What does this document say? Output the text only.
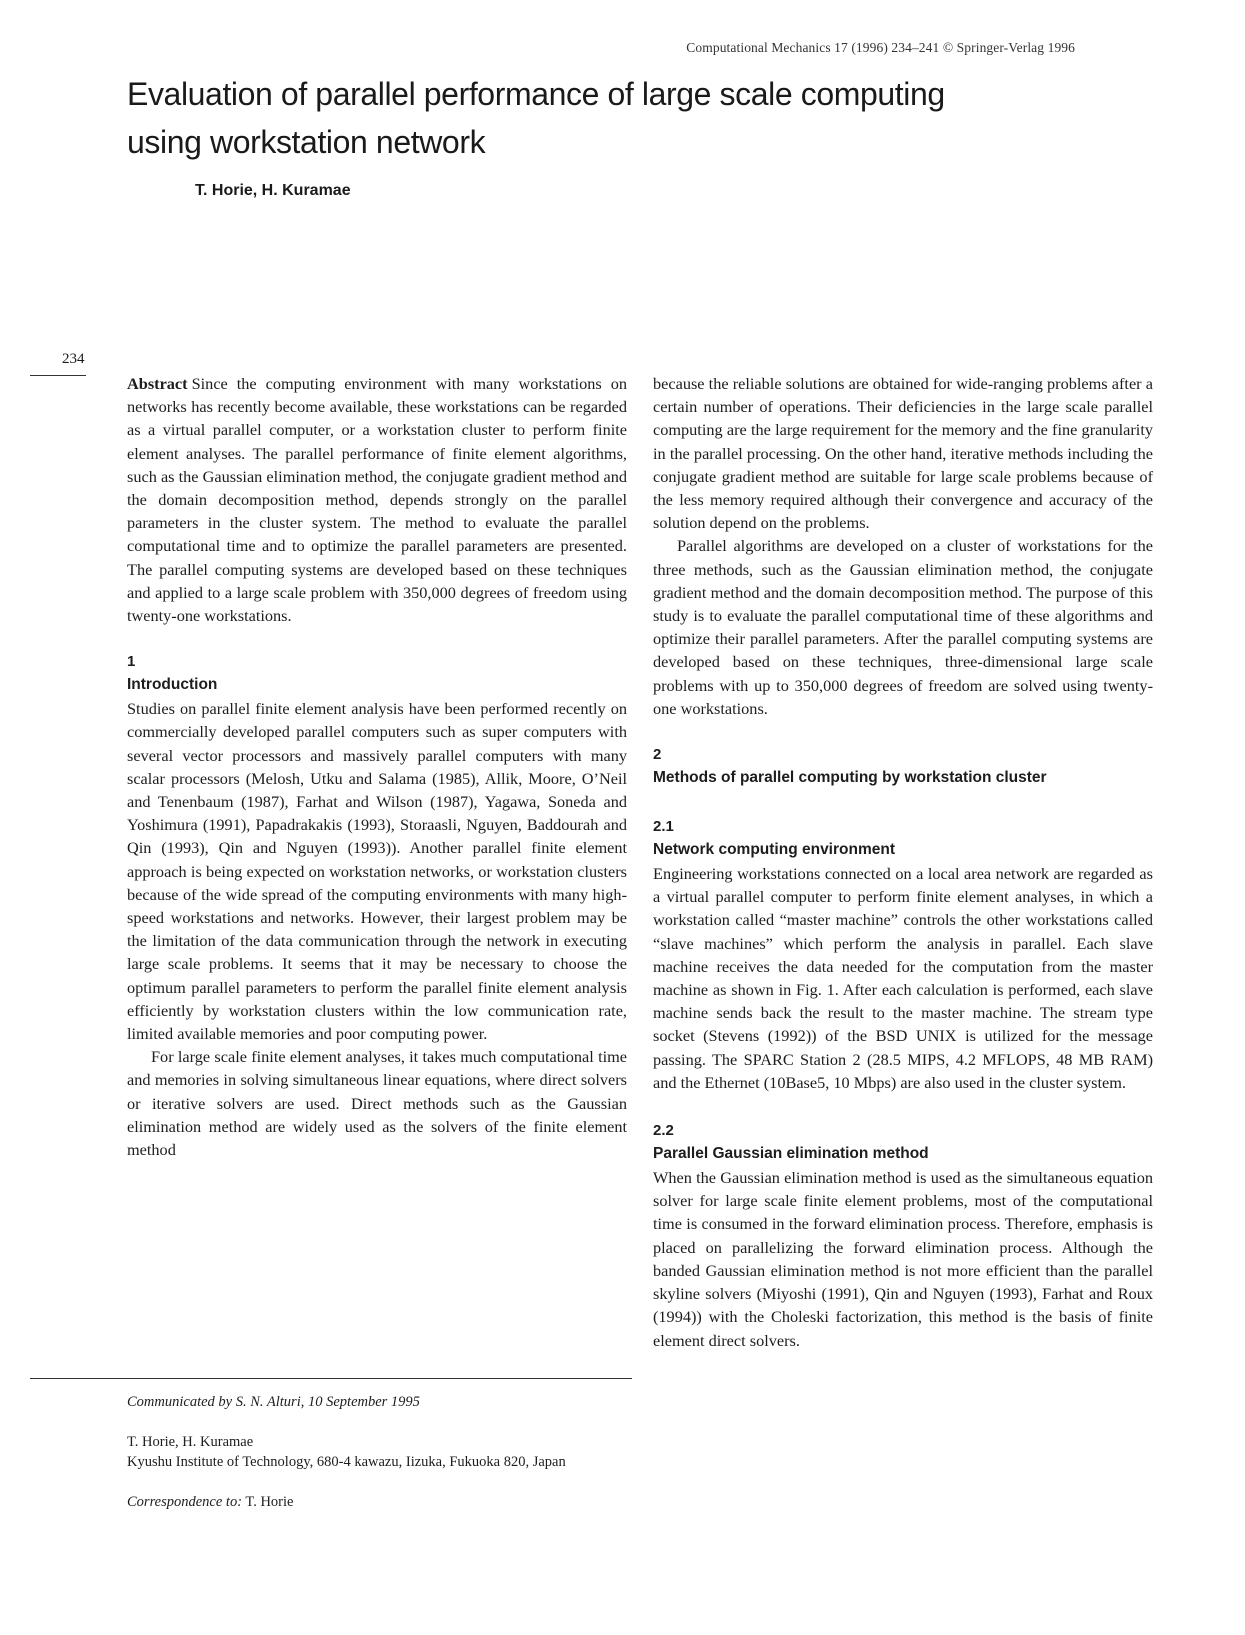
Computational Mechanics 17 (1996) 234–241 © Springer-Verlag 1996
Evaluation of parallel performance of large scale computing using workstation network
T. Horie, H. Kuramae
234

Abstract Since the computing environment with many workstations on networks has recently become available, these workstations can be regarded as a virtual parallel computer, or a workstation cluster to perform finite element analyses. The parallel performance of finite element algorithms, such as the Gaussian elimination method, the conjugate gradient method and the domain decomposition method, depends strongly on the parallel parameters in the cluster system. The method to evaluate the parallel computational time and to optimize the parallel parameters are presented. The parallel computing systems are developed based on these techniques and applied to a large scale problem with 350,000 degrees of freedom using twenty-one workstations.

1
Introduction

Studies on parallel finite element analysis have been performed recently on commercially developed parallel computers such as super computers with several vector processors and massively parallel computers with many scalar processors (Melosh, Utku and Salama (1985), Allik, Moore, O’Neil and Tenenbaum (1987), Farhat and Wilson (1987), Yagawa, Soneda and Yoshimura (1991), Papadrakakis (1993), Storaasli, Nguyen, Baddourah and Qin (1993), Qin and Nguyen (1993)). Another parallel finite element approach is being expected on workstation networks, or workstation clusters because of the wide spread of the computing environments with many high-speed workstations and networks. However, their largest problem may be the limitation of the data communication through the network in executing large scale problems. It seems that it may be necessary to choose the optimum parallel parameters to perform the parallel finite element analysis efficiently by workstation clusters within the low communication rate, limited available memories and poor computing power.

For large scale finite element analyses, it takes much computational time and memories in solving simultaneous linear equations, where direct solvers or iterative solvers are used. Direct methods such as the Gaussian elimination method are widely used as the solvers of the finite element method

because the reliable solutions are obtained for wide-ranging problems after a certain number of operations. Their deficiencies in the large scale parallel computing are the large requirement for the memory and the fine granularity in the parallel processing. On the other hand, iterative methods including the conjugate gradient method are suitable for large scale problems because of the less memory required although their convergence and accuracy of the solution depend on the problems.

Parallel algorithms are developed on a cluster of workstations for the three methods, such as the Gaussian elimination method, the conjugate gradient method and the domain decomposition method. The purpose of this study is to evaluate the parallel computational time of these algorithms and optimize their parallel parameters. After the parallel computing systems are developed based on these techniques, three-dimensional large scale problems with up to 350,000 degrees of freedom are solved using twenty-one workstations.

2
Methods of parallel computing by workstation cluster
2.1
Network computing environment

Engineering workstations connected on a local area network are regarded as a virtual parallel computer to perform finite element analyses, in which a workstation called “master machine” controls the other workstations called “slave machines” which perform the analysis in parallel. Each slave machine receives the data needed for the computation from the master machine as shown in Fig. 1. After each calculation is performed, each slave machine sends back the result to the master machine. The stream type socket (Stevens (1992)) of the BSD UNIX is utilized for the message passing. The SPARC Station 2 (28.5 MIPS, 4.2 MFLOPS, 48 MB RAM) and the Ethernet (10Base5, 10 Mbps) are also used in the cluster system.

2.2
Parallel Gaussian elimination method

When the Gaussian elimination method is used as the simultaneous equation solver for large scale finite element problems, most of the computational time is consumed in the forward elimination process. Therefore, emphasis is placed on parallelizing the forward elimination process. Although the banded Gaussian elimination method is not more efficient than the parallel skyline solvers (Miyoshi (1991), Qin and Nguyen (1993), Farhat and Roux (1994)) with the Choleski factorization, this method is the basis of finite element direct solvers.

Communicated by S. N. Alturi, 10 September 1995

T. Horie, H. Kuramae

Kyushu Institute of Technology, 680-4 kawazu, Iizuka, Fukuoka 820, Japan

Correspondence to: T. Horie
